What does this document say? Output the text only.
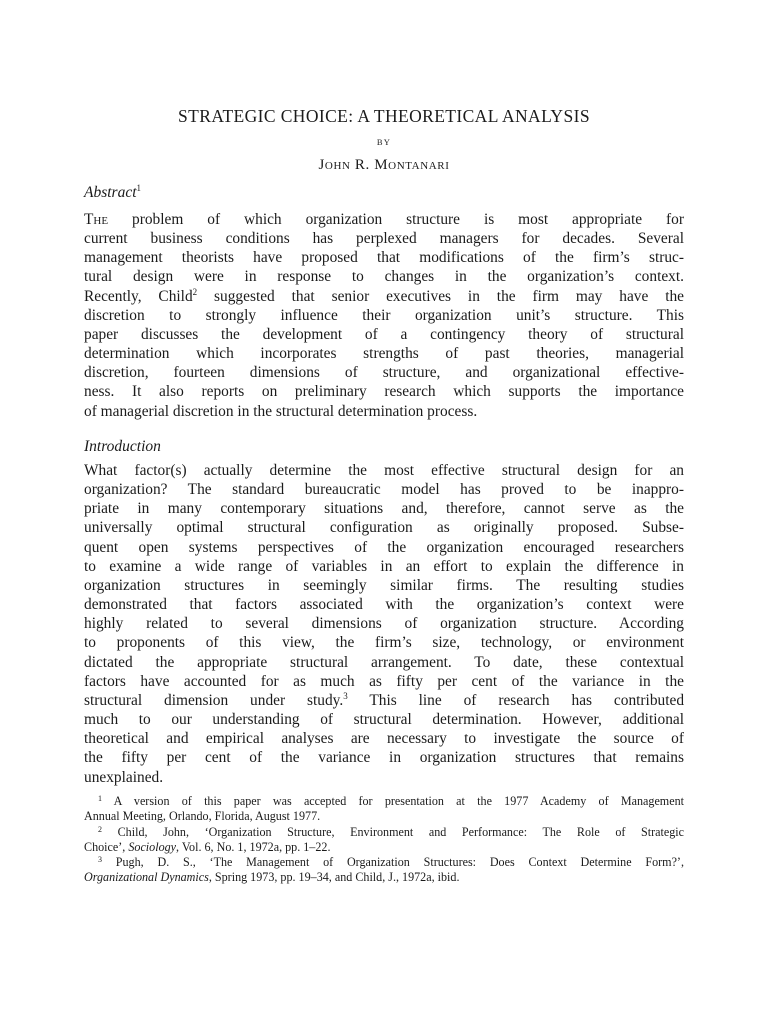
STRATEGIC CHOICE: A THEORETICAL ANALYSIS
BY
John R. Montanari
Abstract$^1$
The problem of which organization structure is most appropriate for
current business conditions has perplexed managers for decades. Several
management theorists have proposed that modifications of the firm’s struc-
tural design were in response to changes in the organization’s context.
Recently, Child$^2$ suggested that senior executives in the firm may have the
discretion to strongly influence their organization unit’s structure. This
paper discusses the development of a contingency theory of structural
determination which incorporates strengths of past theories, managerial
discretion, fourteen dimensions of structure, and organizational effective-
ness. It also reports on preliminary research which supports the importance
of managerial discretion in the structural determination process.
Introduction
What factor(s) actually determine the most effective structural design for an
organization? The standard bureaucratic model has proved to be inappro-
priate in many contemporary situations and, therefore, cannot serve as the
universally optimal structural configuration as originally proposed. Subse-
quent open systems perspectives of the organization encouraged researchers
to examine a wide range of variables in an effort to explain the difference in
organization structures in seemingly similar firms. The resulting studies
demonstrated that factors associated with the organization’s context were
highly related to several dimensions of organization structure. According
to proponents of this view, the firm’s size, technology, or environment
dictated the appropriate structural arrangement. To date, these contextual
factors have accounted for as much as fifty per cent of the variance in the
structural dimension under study.$^3$ This line of research has contributed
much to our understanding of structural determination. However, additional
theoretical and empirical analyses are necessary to investigate the source of
the fifty per cent of the variance in organization structures that remains
unexplained.
$^1$ A version of this paper was accepted for presentation at the 1977 Academy of Management
Annual Meeting, Orlando, Florida, August 1977.
$^2$ Child, John, ‘Organization Structure, Environment and Performance: The Role of Strategic
Choice’, Sociology, Vol. 6, No. 1, 1972a, pp. 1–22.
$^3$ Pugh, D. S., ‘The Management of Organization Structures: Does Context Determine Form?’,
Organizational Dynamics, Spring 1973, pp. 19–34, and Child, J., 1972a, ibid.
